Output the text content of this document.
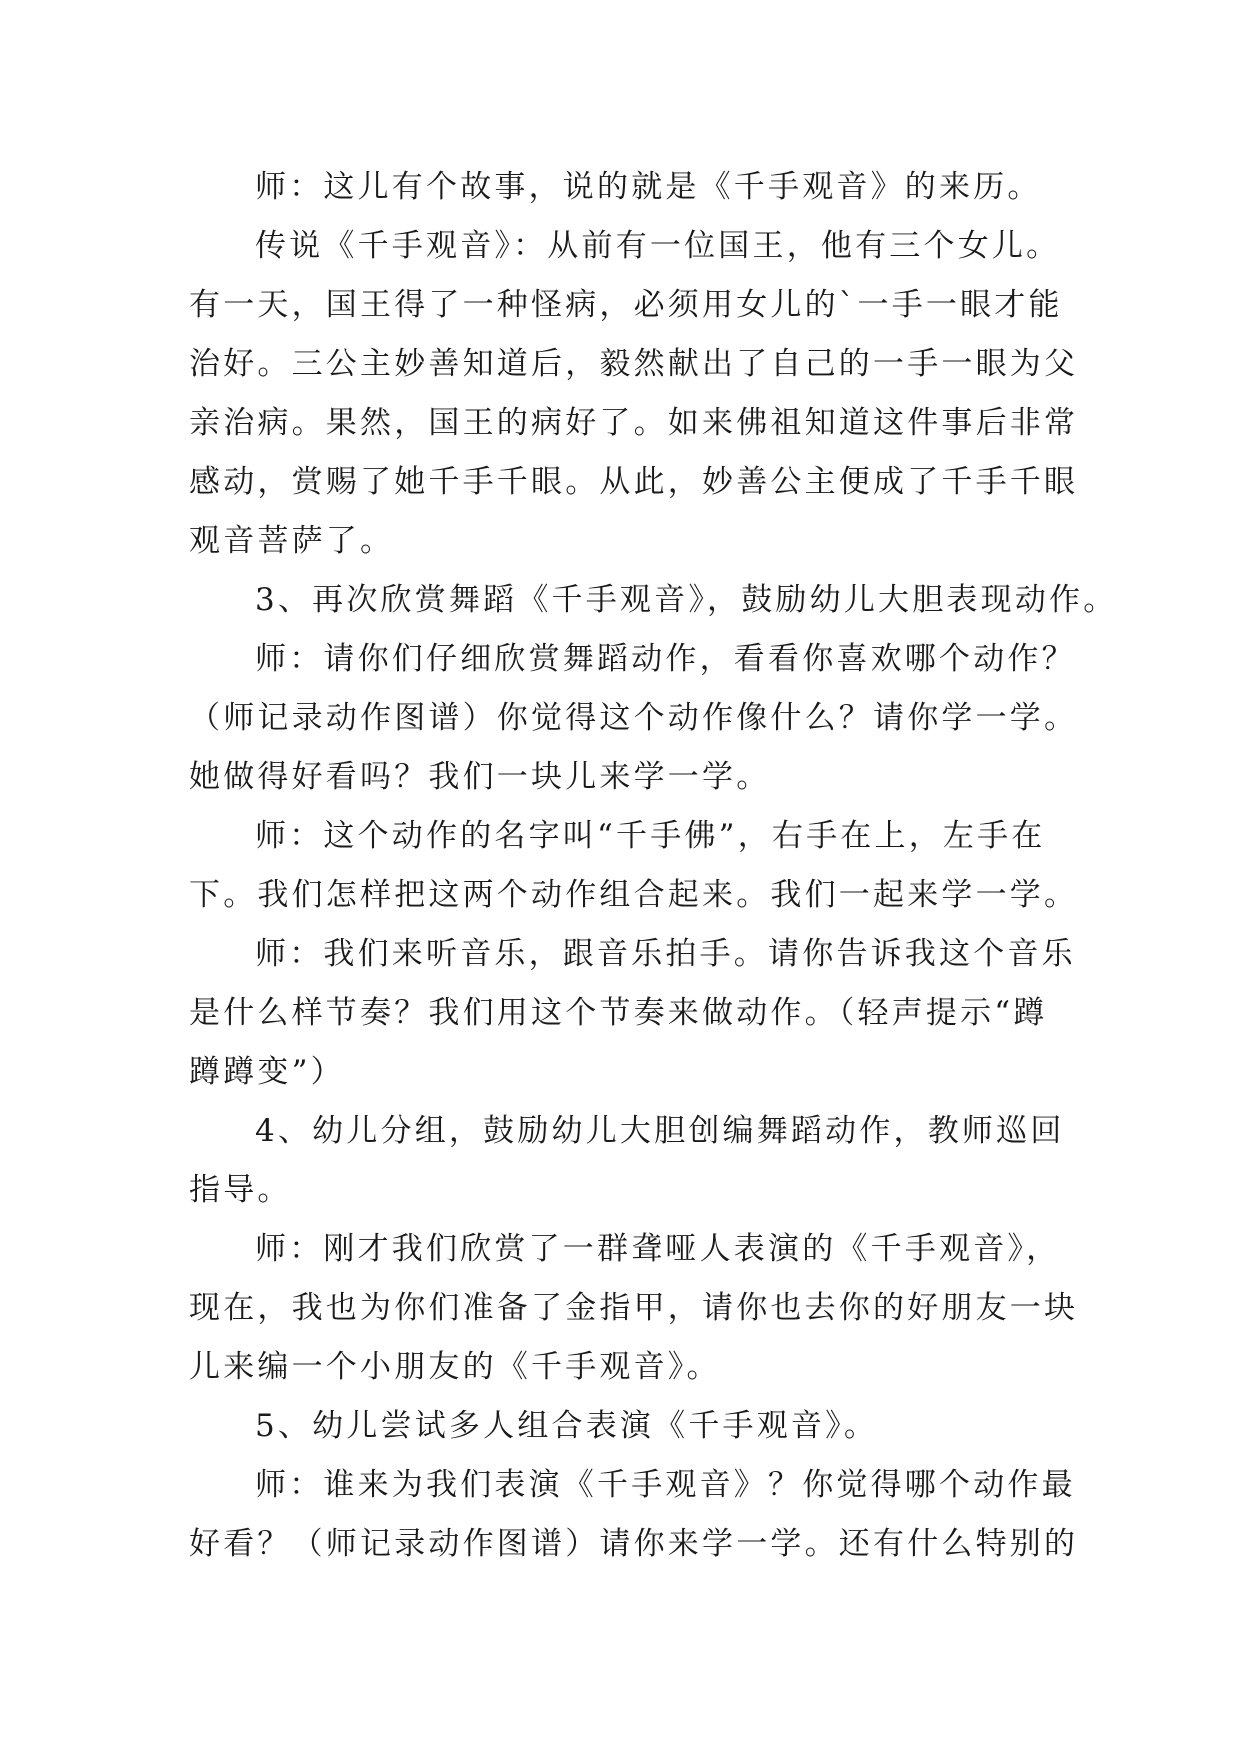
师：这儿有个故事，说的就是《千手观音》的来历。
传说《千手观音》：从前有一位国王，他有三个女儿。
有一天，国王得了一种怪病，必须用女儿的`一手一眼才能
治好。三公主妙善知道后，毅然献出了自己的一手一眼为父
亲治病。果然，国王的病好了。如来佛祖知道这件事后非常
感动，赏赐了她千手千眼。从此，妙善公主便成了千手千眼
观音菩萨了。
3、再次欣赏舞蹈《千手观音》，鼓励幼儿大胆表现动作。
师：请你们仔细欣赏舞蹈动作，看看你喜欢哪个动作？
（师记录动作图谱）你觉得这个动作像什么？请你学一学。
她做得好看吗？我们一块儿来学一学。
师：这个动作的名字叫“千手佛”，右手在上，左手在
下。我们怎样把这两个动作组合起来。我们一起来学一学。
师：我们来听音乐，跟音乐拍手。请你告诉我这个音乐
是什么样节奏？我们用这个节奏来做动作。（轻声提示“蹲
蹲蹲变”）
4、幼儿分组，鼓励幼儿大胆创编舞蹈动作，教师巡回
指导。
师：刚才我们欣赏了一群聋哑人表演的《千手观音》，
现在，我也为你们准备了金指甲，请你也去你的好朋友一块
儿来编一个小朋友的《千手观音》。
5、幼儿尝试多人组合表演《千手观音》。
师：谁来为我们表演《千手观音》？你觉得哪个动作最
好看？（师记录动作图谱）请你来学一学。还有什么特别的
